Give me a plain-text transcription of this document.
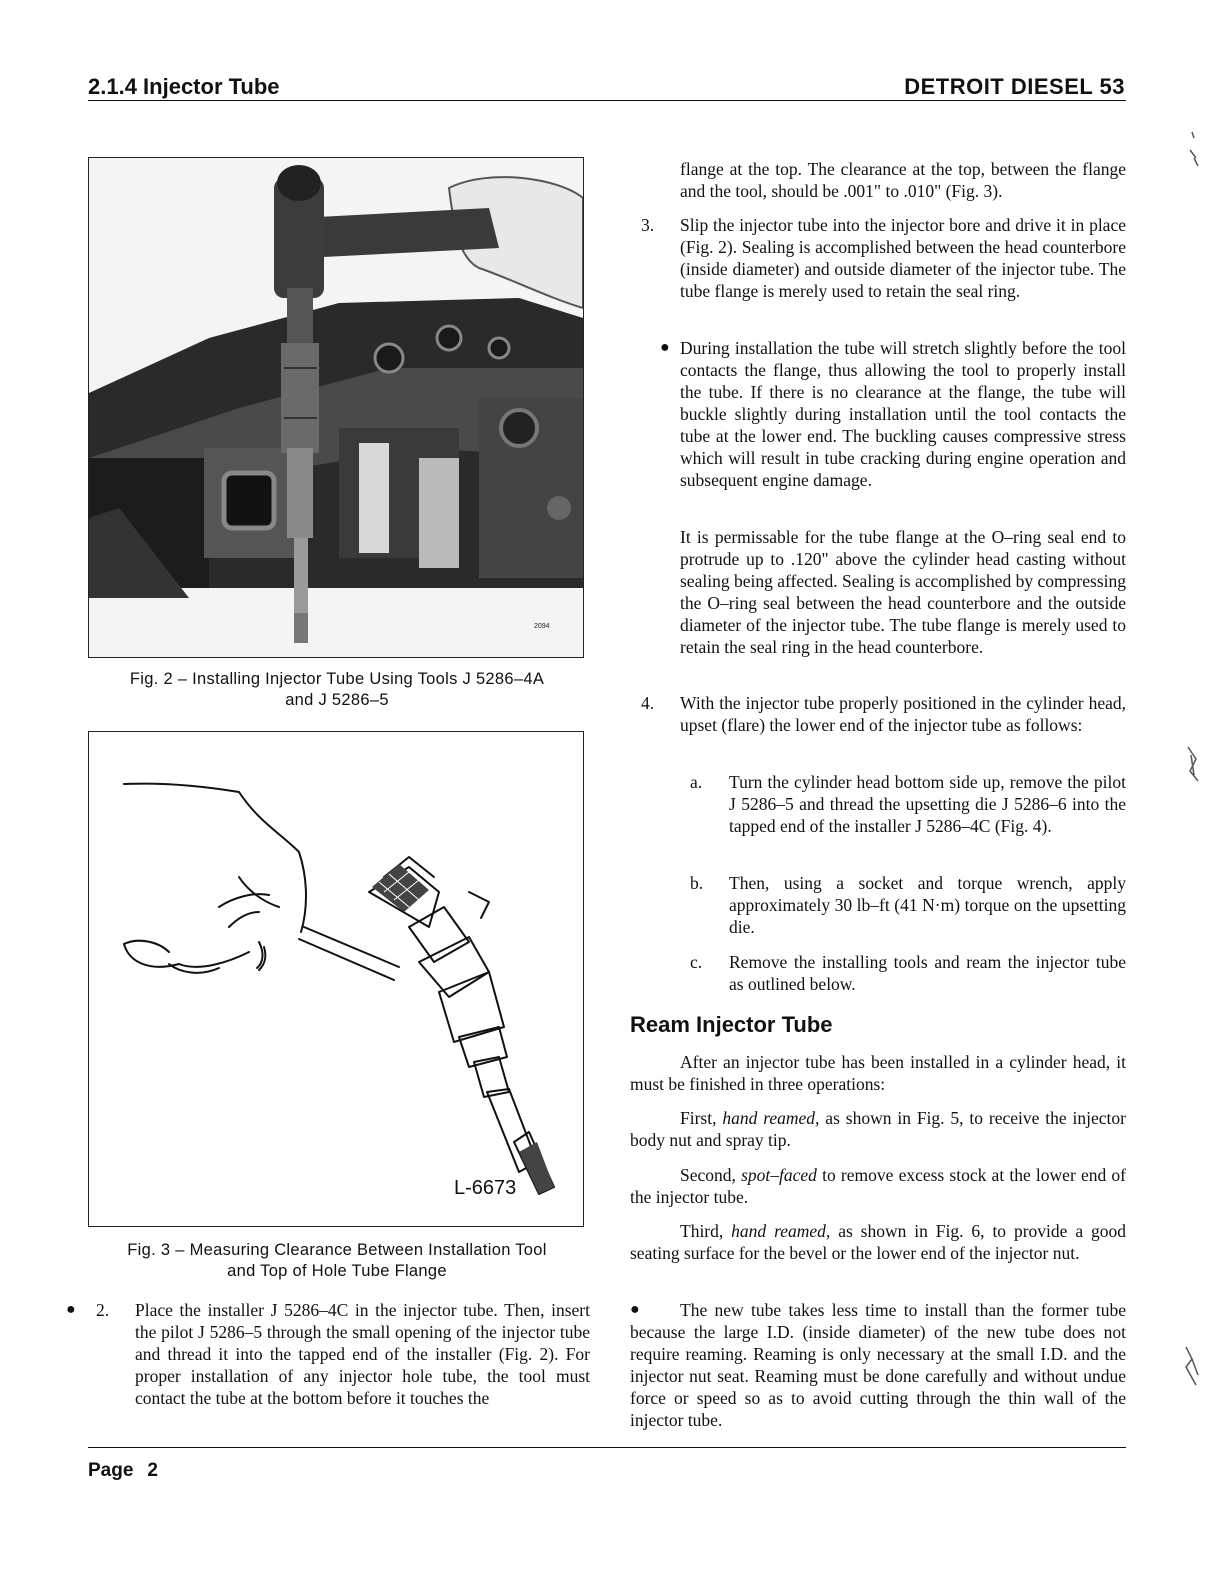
2.1.4 Injector Tube	DETROIT DIESEL 53
2094
Fig. 2 – Installing Injector Tube Using Tools J 5286–4A
and J 5286–5
L-6673
Fig. 3 – Measuring Clearance Between Installation Tool
and Top of Hole Tube Flange
● 2. Place the installer J 5286–4C in the injector tube. Then, insert the pilot J 5286–5 through the small opening of the injector tube and thread it into the tapped end of the installer (Fig. 2). For proper installation of any injector hole tube, the tool must contact the tube at the bottom before it touches the
flange at the top. The clearance at the top, between the flange and the tool, should be .001" to .010" (Fig. 3).
3. Slip the injector tube into the injector bore and drive it in place (Fig. 2). Sealing is accomplished between the head counterbore (inside diameter) and outside diameter of the injector tube. The tube flange is merely used to retain the seal ring.
● During installation the tube will stretch slightly before the tool contacts the flange, thus allowing the tool to properly install the tube. If there is no clearance at the flange, the tube will buckle slightly during installation until the tool contacts the tube at the lower end. The buckling causes compressive stress which will result in tube cracking during engine operation and subsequent engine damage.
It is permissable for the tube flange at the O–ring seal end to protrude up to .120" above the cylinder head casting without sealing being affected. Sealing is accomplished by compressing the O–ring seal between the head counterbore and the outside diameter of the injector tube. The tube flange is merely used to retain the seal ring in the head counterbore.
4. With the injector tube properly positioned in the cylinder head, upset (flare) the lower end of the injector tube as follows:
a. Turn the cylinder head bottom side up, remove the pilot J 5286–5 and thread the upsetting die J 5286–6 into the tapped end of the installer J 5286–4C (Fig. 4).
b. Then, using a socket and torque wrench, apply approximately 30 lb–ft (41 N·m) torque on the upsetting die.
c. Remove the installing tools and ream the injector tube as outlined below.
Ream Injector Tube
After an injector tube has been installed in a cylinder head, it must be finished in three operations:
First, hand reamed, as shown in Fig. 5, to receive the injector body nut and spray tip.
Second, spot–faced to remove excess stock at the lower end of the injector tube.
Third, hand reamed, as shown in Fig. 6, to provide a good seating surface for the bevel or the lower end of the injector nut.
●	The new tube takes less time to install than the former tube because the large I.D. (inside diameter) of the new tube does not require reaming. Reaming is only necessary at the small I.D. and the injector nut seat. Reaming must be done carefully and without undue force or speed so as to avoid cutting through the thin wall of the injector tube.
Page 2
